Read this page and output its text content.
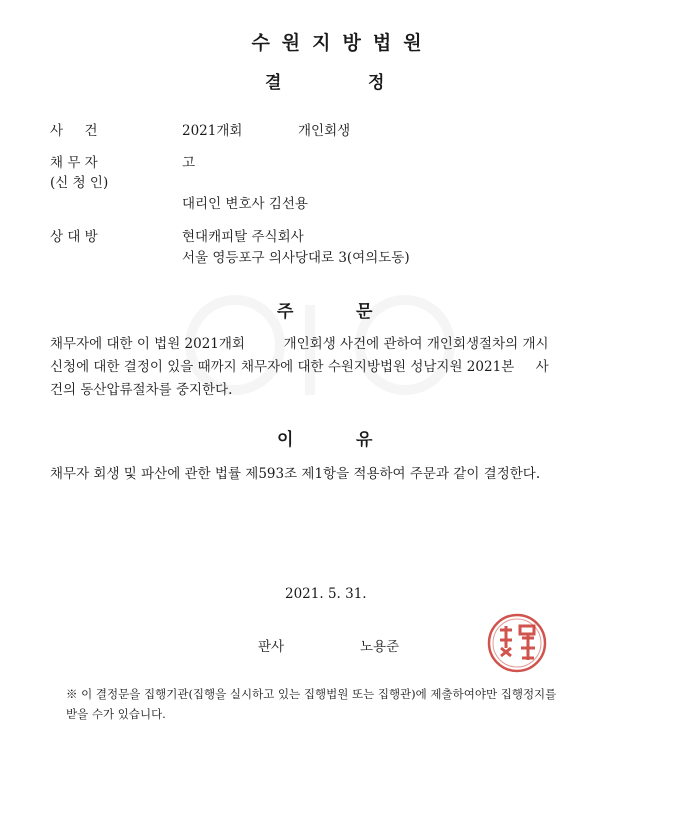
수원지방법원
결	정
사     건	2021개회	개인회생
채 무 자	고
(신 청 인)
대리인 변호사 김선용
상 대 방	현대캐피탈 주식회사
서울 영등포구 의사당대로 3(여의도동)
주	문
채무자에 대한 이 법원 2021개회         개인회생 사건에 관하여 개인회생절차의 개시
신청에 대한 결정이 있을 때까지 채무자에 대한 수원지방법원 성남지원 2021본     사
건의 동산압류절차를 중지한다.
이	유
채무자 회생 및 파산에 관한 법률 제593조 제1항을 적용하여 주문과 같이 결정한다.
2021. 5. 31.
판사	노용준
※ 이 결정문을 집행기관(집행을 실시하고 있는 집행법원 또는 집행관)에 제출하여야만 집행정지를
받을 수가 있습니다.
